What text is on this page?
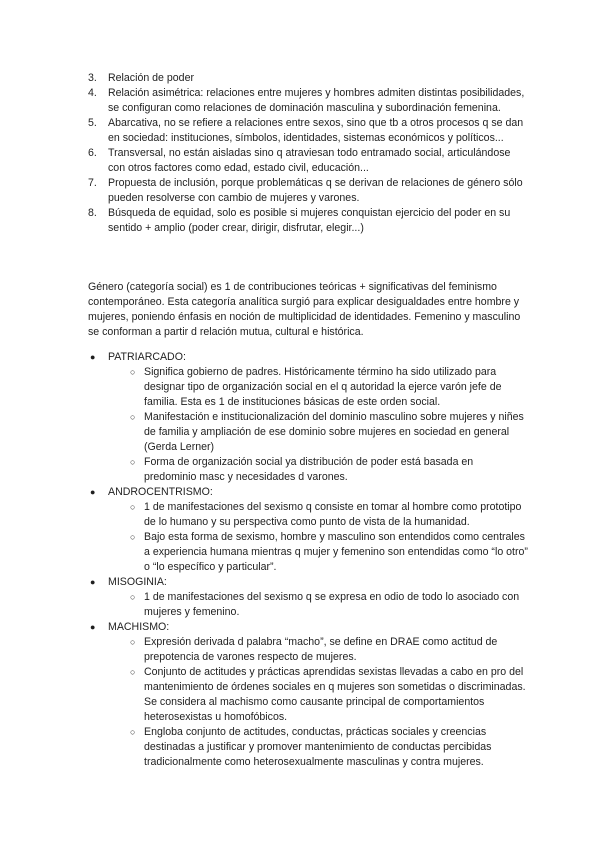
3. Relación de poder
4. Relación asimétrica: relaciones entre mujeres y hombres admiten distintas posibilidades, se configuran como relaciones de dominación masculina y subordinación femenina.
5. Abarcativa, no se refiere a relaciones entre sexos, sino que tb a otros procesos q se dan en sociedad: instituciones, símbolos, identidades, sistemas económicos y políticos...
6. Transversal, no están aisladas sino q atraviesan todo entramado social, articulándose con otros factores como edad, estado civil, educación...
7. Propuesta de inclusión, porque problemáticas q se derivan de relaciones de género sólo pueden resolverse con cambio de mujeres y varones.
8. Búsqueda de equidad, solo es posible si mujeres conquistan ejercicio del poder en su sentido + amplio (poder crear, dirigir, disfrutar, elegir...)

Género (categoría social) es 1 de contribuciones teóricas + significativas del feminismo contemporáneo. Esta categoría analítica surgió para explicar desigualdades entre hombre y mujeres, poniendo énfasis en noción de multiplicidad de identidades. Femenino y masculino se conforman a partir d relación mutua, cultural e histórica.

● PATRIARCADO:
○ Significa gobierno de padres. Históricamente término ha sido utilizado para designar tipo de organización social en el q autoridad la ejerce varón jefe de familia. Esta es 1 de instituciones básicas de este orden social.
○ Manifestación e institucionalización del dominio masculino sobre mujeres y niñes de familia y ampliación de ese dominio sobre mujeres en sociedad en general (Gerda Lerner)
○ Forma de organización social ya distribución de poder está basada en predominio masc y necesidades d varones.
● ANDROCENTRISMO:
○ 1 de manifestaciones del sexismo q consiste en tomar al hombre como prototipo de lo humano y su perspectiva como punto de vista de la humanidad.
○ Bajo esta forma de sexismo, hombre y masculino son entendidos como centrales a experiencia humana mientras q mujer y femenino son entendidas como “lo otro” o “lo específico y particular”.
● MISOGINIA:
○ 1 de manifestaciones del sexismo q se expresa en odio de todo lo asociado con mujeres y femenino.
● MACHISMO:
○ Expresión derivada d palabra “macho”, se define en DRAE como actitud de prepotencia de varones respecto de mujeres.
○ Conjunto de actitudes y prácticas aprendidas sexistas llevadas a cabo en pro del mantenimiento de órdenes sociales en q mujeres son sometidas o discriminadas. Se considera al machismo como causante principal de comportamientos heterosexistas u homofóbicos.
○ Engloba conjunto de actitudes, conductas, prácticas sociales y creencias destinadas a justificar y promover mantenimiento de conductas percibidas tradicionalmente como heterosexualmente masculinas y contra mujeres.
